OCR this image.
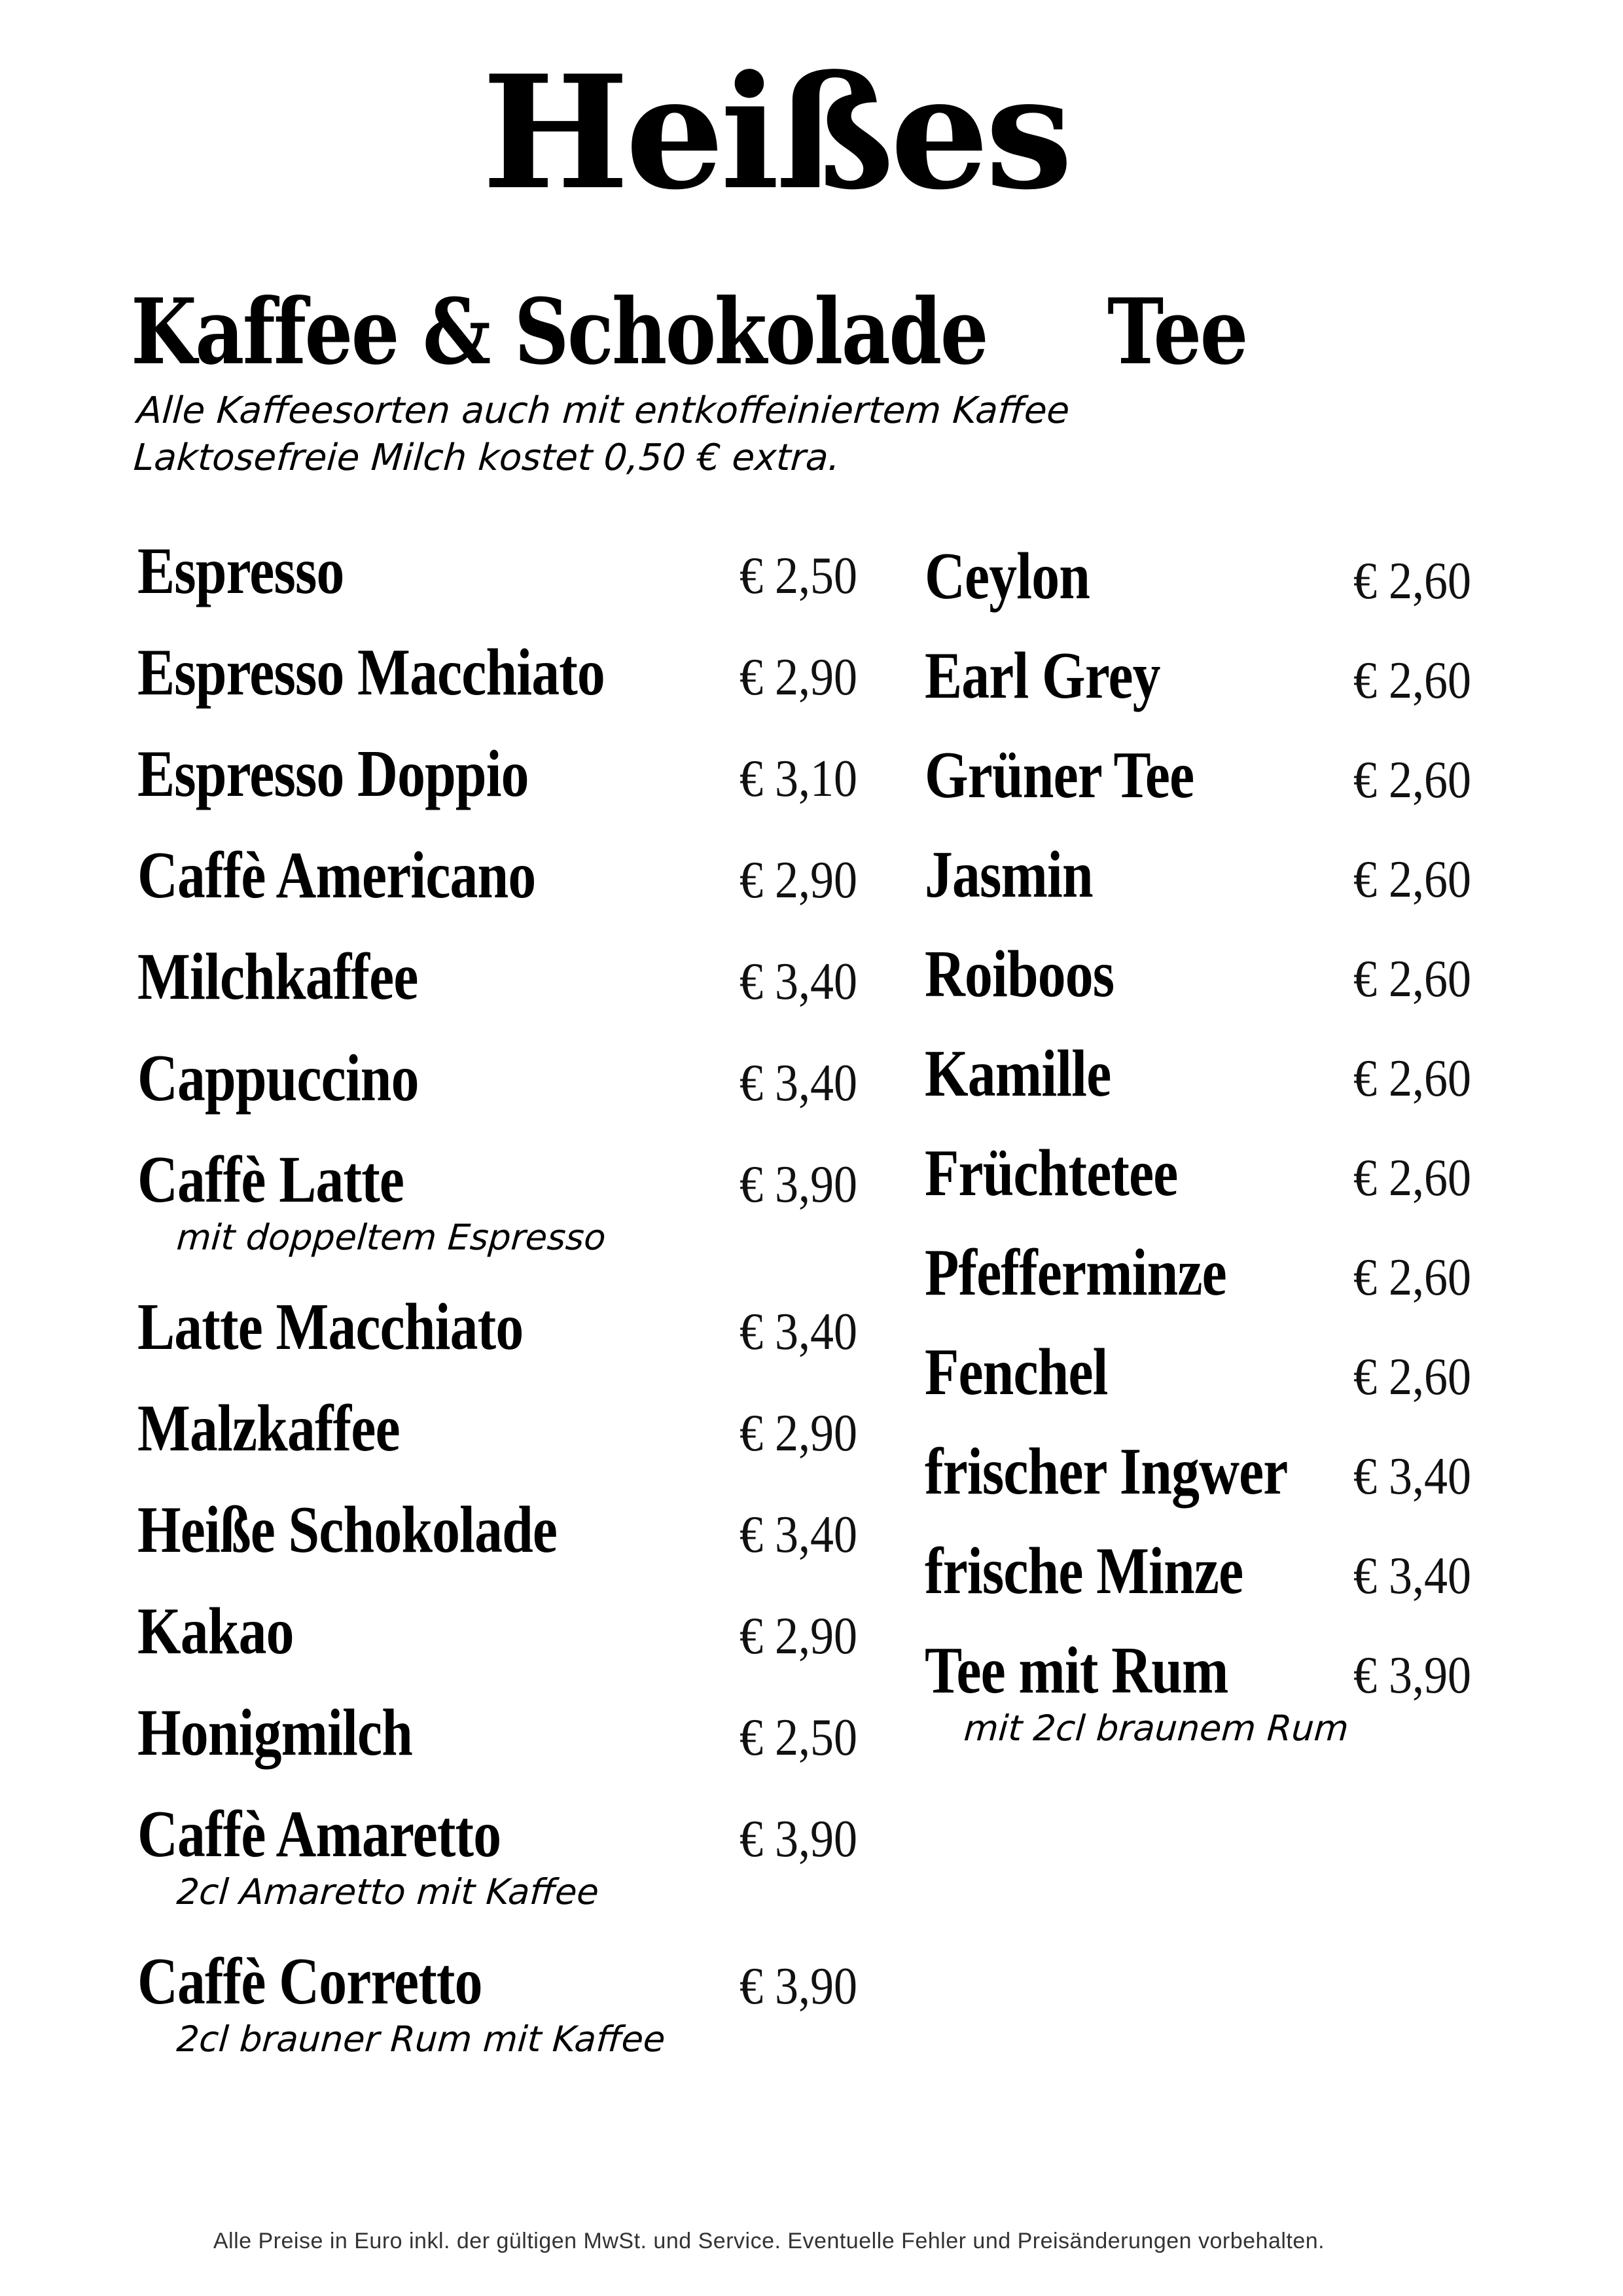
Heißes
Kaffee & Schokolade
Alle Kaffeesorten auch mit entkoffeiniertem Kaffee
Laktosefreie Milch kostet 0,50 € extra.
Tee
Espresso	€ 2,50
Espresso Macchiato	€ 2,90
Espresso Doppio	€ 3,10
Caffè Americano	€ 2,90
Milchkaffee	€ 3,40
Cappuccino	€ 3,40
Caffè Latte	€ 3,90
mit doppeltem Espresso
Latte Macchiato	€ 3,40
Malzkaffee	€ 2,90
Heiße Schokolade	€ 3,40
Kakao	€ 2,90
Honigmilch	€ 2,50
Caffè Amaretto	€ 3,90
2cl Amaretto mit Kaffee
Caffè Corretto	€ 3,90
2cl brauner Rum mit Kaffee
Ceylon	€ 2,60
Earl Grey	€ 2,60
Grüner Tee	€ 2,60
Jasmin	€ 2,60
Roiboos	€ 2,60
Kamille	€ 2,60
Früchtetee	€ 2,60
Pfefferminze	€ 2,60
Fenchel	€ 2,60
frischer Ingwer € 3,40
frische Minze	€ 3,40
Tee mit Rum	€ 3,90
mit 2cl braunem Rum

Alle Preise in Euro inkl. der gültigen MwSt. und Service. Eventuelle Fehler und Preisänderungen vorbehalten.
